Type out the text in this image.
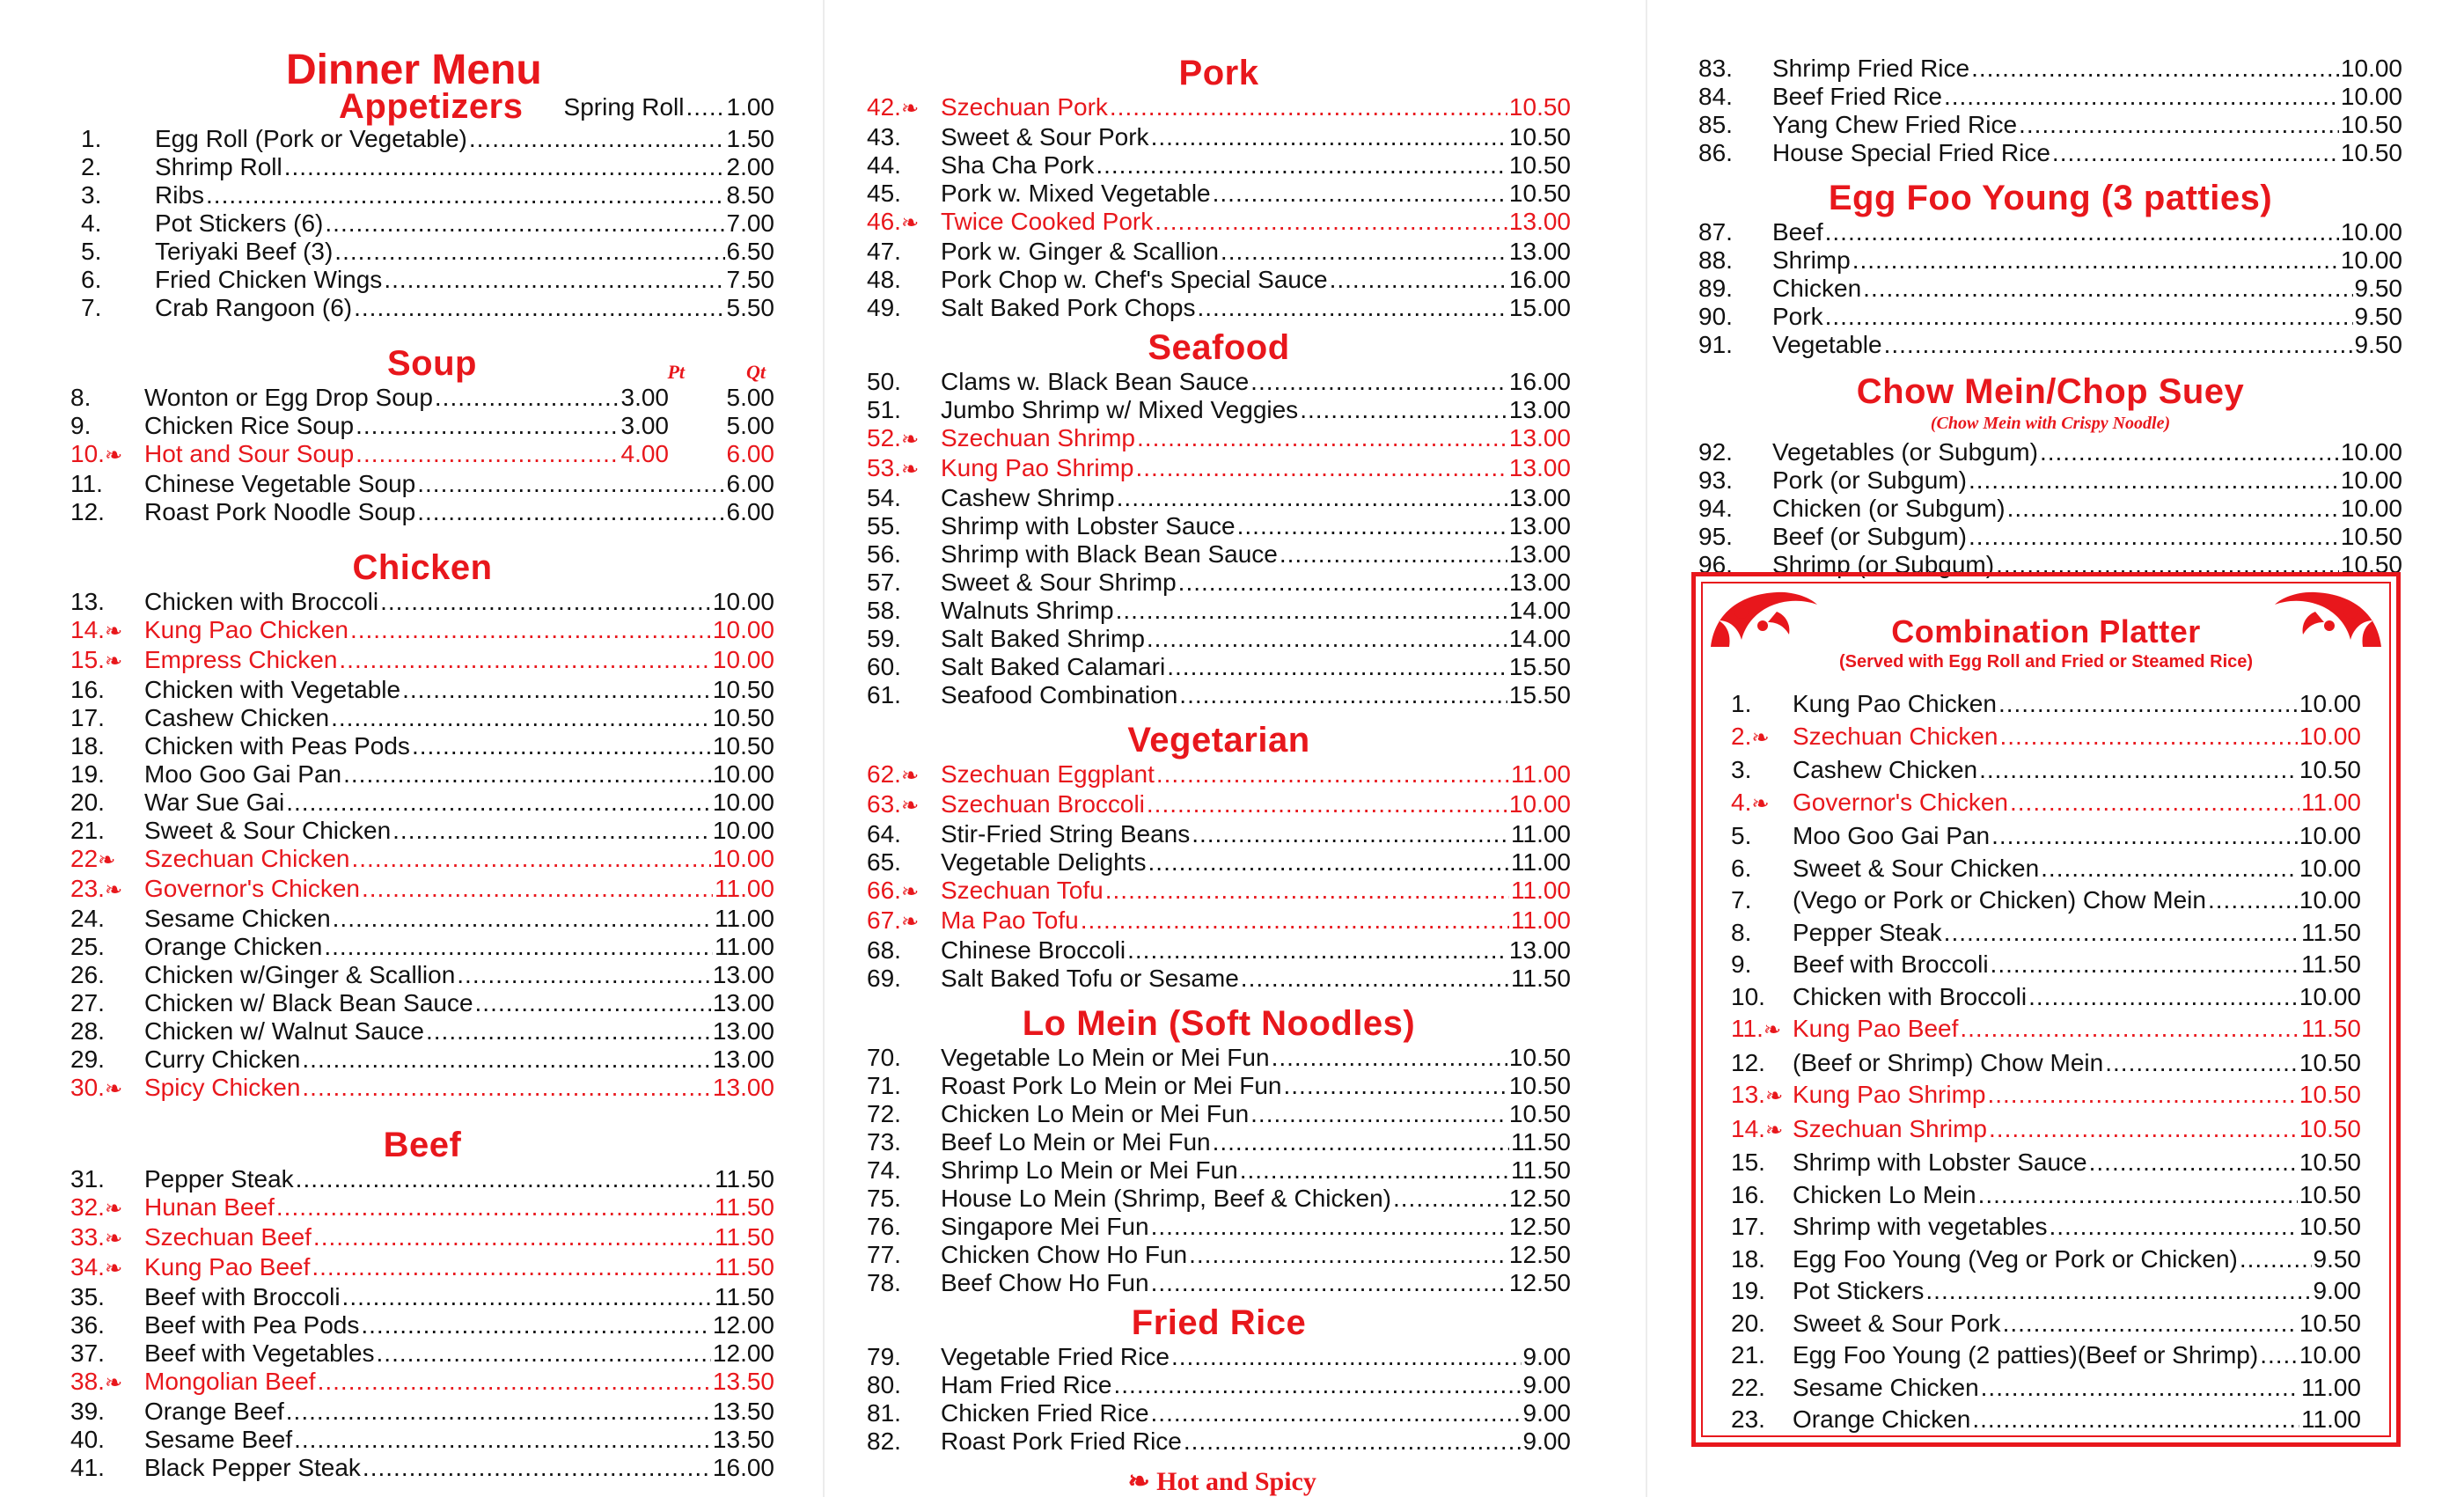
Dinner Menu
Appetizers Spring Roll ..... 1.00
1.	Egg Roll (Pork or Vegetable) .....	1.50
2.	Shrimp Roll .....	2.00
3.	Ribs .....	8.50
4.	Pot Stickers (6) .....	7.00
5.	Teriyaki Beef (3) .....	6.50
6.	Fried Chicken Wings .....	7.50
7.	Crab Rangoon (6) .....	5.50
Soup	Pt	Qt
8.	Wonton or Egg Drop Soup .....	3.00	5.00
9.	Chicken Rice Soup .....	3.00	5.00
10.❧ Hot and Sour Soup .....	4.00	6.00
11.	Chinese Vegetable Soup .....	6.00
12.	Roast Pork Noodle Soup .....	6.00
Chicken
13.	Chicken with Broccoli .....	10.00
14.❧ Kung Pao Chicken .....	10.00
15.❧ Empress Chicken .....	10.00
16.	Chicken with Vegetable .....	10.50
17.	Cashew Chicken .....	10.50
18.	Chicken with Peas Pods .....	10.50
19.	Moo Goo Gai Pan .....	10.00
20.	War Sue Gai .....	10.00
21.	Sweet & Sour Chicken .....	10.00
22❧	Szechuan Chicken .....	10.00
23.❧ Governor's Chicken .....	11.00
24.	Sesame Chicken .....	11.00
25.	Orange Chicken .....	11.00
26.	Chicken w/Ginger & Scallion .....	13.00
27.	Chicken w/ Black Bean Sauce .....	13.00
28.	Chicken w/ Walnut Sauce .....	13.00
29.	Curry Chicken .....	13.00
30.❧ Spicy Chicken .....	13.00
Beef
31.	Pepper Steak .....	11.50
32.❧ Hunan Beef .....	11.50
33.❧ Szechuan Beef .....	11.50
34.❧ Kung Pao Beef .....	11.50
35.	Beef with Broccoli .....	11.50
36.	Beef with Pea Pods .....	12.00
37.	Beef with Vegetables .....	12.00
38.❧ Mongolian Beef .....	13.50
39.	Orange Beef .....	13.50
40.	Sesame Beef .....	13.50
41.	Black Pepper Steak .....	16.00
Pork
42.❧ Szechuan Pork .....	10.50
43.	Sweet & Sour Pork .....	10.50
44.	Sha Cha Pork .....	10.50
45.	Pork w. Mixed Vegetable .....	10.50
46.❧ Twice Cooked Pork .....	13.00
47.	Pork w. Ginger & Scallion .....	13.00
48.	Pork Chop w. Chef's Special Sauce .....	16.00
49.	Salt Baked Pork Chops .....	15.00
Seafood
50.	Clams w. Black Bean Sauce .....	16.00
51.	Jumbo Shrimp w/ Mixed Veggies .....	13.00
52.❧ Szechuan Shrimp .....	13.00
53.❧ Kung Pao Shrimp .....	13.00
54.	Cashew Shrimp .....	13.00
55.	Shrimp with Lobster Sauce .....	13.00
56.	Shrimp with Black Bean Sauce .....	13.00
57.	Sweet & Sour Shrimp .....	13.00
58.	Walnuts Shrimp .....	14.00
59.	Salt Baked Shrimp .....	14.00
60.	Salt Baked Calamari .....	15.50
61.	Seafood Combination .....	15.50
Vegetarian
62.❧ Szechuan Eggplant .....	11.00
63.❧ Szechuan Broccoli .....	10.00
64.	Stir-Fried String Beans .....	11.00
65.	Vegetable Delights .....	11.00
66.❧ Szechuan Tofu .....	11.00
67.❧ Ma Pao Tofu .....	11.00
68.	Chinese Broccoli .....	13.00
69.	Salt Baked Tofu or Sesame .....	11.50
Lo Mein (Soft Noodles)
70.	Vegetable Lo Mein or Mei Fun .....	10.50
71.	Roast Pork Lo Mein or Mei Fun .....	10.50
72.	Chicken Lo Mein or Mei Fun .....	10.50
73.	Beef Lo Mein or Mei Fun .....	11.50
74.	Shrimp Lo Mein or Mei Fun .....	11.50
75.	House Lo Mein (Shrimp, Beef & Chicken) .....	12.50
76.	Singapore Mei Fun .....	12.50
77.	Chicken Chow Ho Fun .....	12.50
78.	Beef Chow Ho Fun .....	12.50
Fried Rice
79.	Vegetable Fried Rice .....	9.00
80.	Ham Fried Rice .....	9.00
81.	Chicken Fried Rice .....	9.00
82.	Roast Pork Fried Rice .....	9.00
❧ Hot and Spicy
83.	Shrimp Fried Rice .....	10.00
84.	Beef Fried Rice .....	10.00
85.	Yang Chew Fried Rice .....	10.50
86.	House Special Fried Rice .....	10.50
Egg Foo Young (3 patties)
87.	Beef .....	10.00
88.	Shrimp .....	10.00
89.	Chicken .....	9.50
90.	Pork .....	9.50
91.	Vegetable .....	9.50
Chow Mein/Chop Suey
(Chow Mein with Crispy Noodle)
92.	Vegetables (or Subgum) .....	10.00
93.	Pork (or Subgum) .....	10.00
94.	Chicken (or Subgum) .....	10.00
95.	Beef (or Subgum) .....	10.50
96.	Shrimp (or Subgum) .....	10.50
Combination Platter
(Served with Egg Roll and Fried or Steamed Rice)
1.	Kung Pao Chicken .....	10.00
2.❧ Szechuan Chicken .....	10.00
3.	Cashew Chicken .....	10.50
4.❧ Governor's Chicken .....	11.00
5.	Moo Goo Gai Pan .....	10.00
6.	Sweet & Sour Chicken .....	10.00
7.	(Vego or Pork or Chicken) Chow Mein .....	10.00
8.	Pepper Steak .....	11.50
9.	Beef with Broccoli .....	11.50
10.	Chicken with Broccoli .....	10.00
11.❧ Kung Pao Beef .....	11.50
12.	(Beef or Shrimp) Chow Mein .....	10.50
13.❧ Kung Pao Shrimp .....	10.50
14.❧ Szechuan Shrimp .....	10.50
15.	Shrimp with Lobster Sauce .....	10.50
16.	Chicken Lo Mein .....	10.50
17.	Shrimp with vegetables .....	10.50
18.	Egg Foo Young (Veg or Pork or Chicken) .....	9.50
19.	Pot Stickers .....	9.00
20.	Sweet & Sour Pork .....	10.50
21.	Egg Foo Young (2 patties)(Beef or Shrimp) ..... 10.00
22.	Sesame Chicken .....	11.00
23.	Orange Chicken .....	11.00
